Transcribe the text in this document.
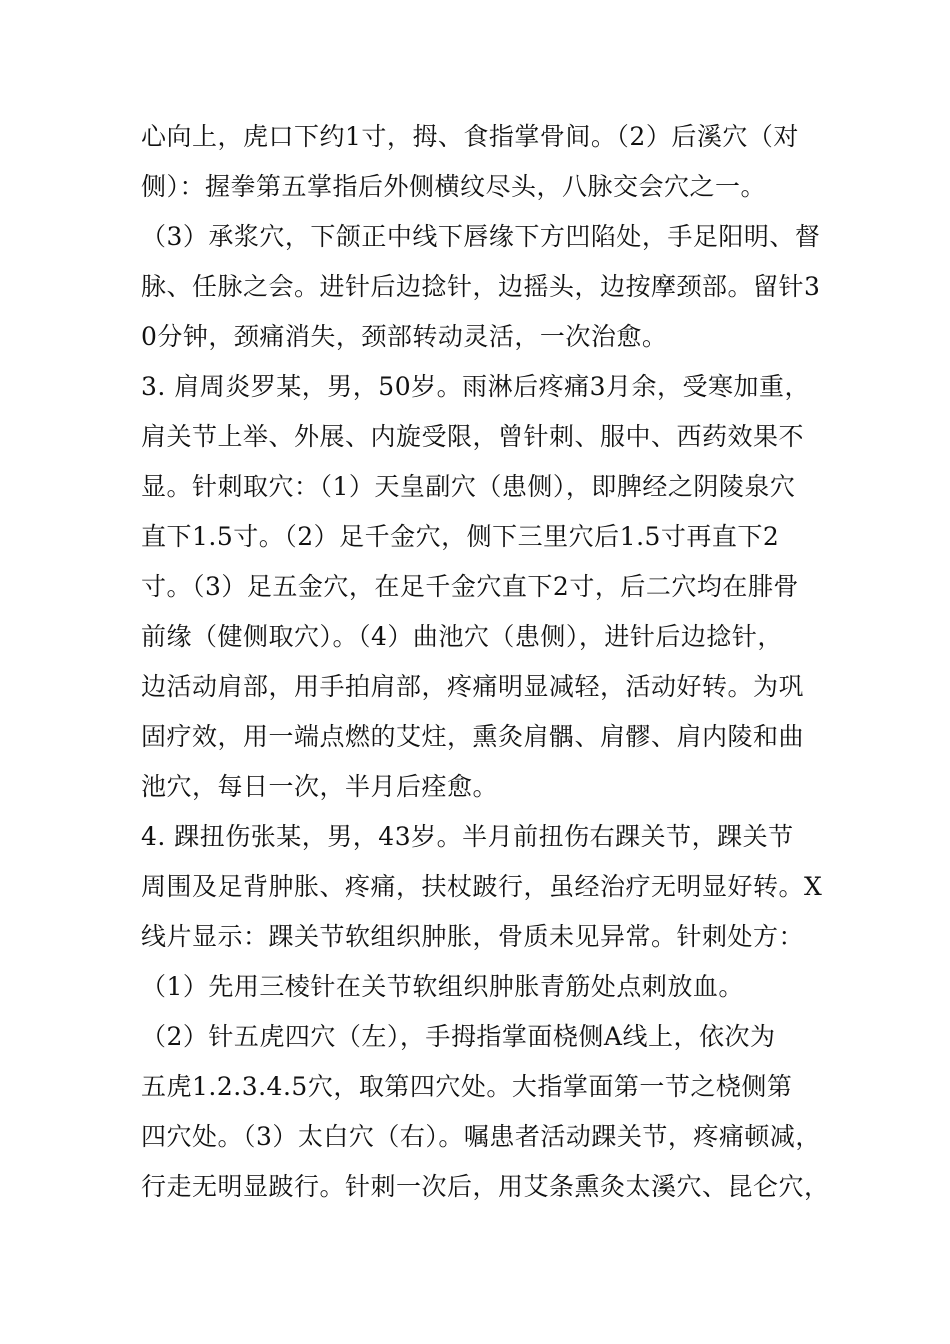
心向上，虎口下约1寸，拇、食指掌骨间。（2）后溪穴（对
侧）：握拳第五掌指后外侧横纹尽头，八脉交会穴之一。
（3）承浆穴，下颌正中线下唇缘下方凹陷处，手足阳明、督
脉、任脉之会。进针后边捻针，边摇头，边按摩颈部。留针3
0分钟，颈痛消失，颈部转动灵活，一次治愈。
3. 肩周炎罗某，男，50岁。雨淋后疼痛3月余，受寒加重，
肩关节上举、外展、内旋受限，曾针刺、服中、西药效果不
显。针刺取穴：（1）天皇副穴（患侧），即脾经之阴陵泉穴
直下1.5寸。（2）足千金穴，侧下三里穴后1.5寸再直下2
寸。（3）足五金穴，在足千金穴直下2寸，后二穴均在腓骨
前缘（健侧取穴）。（4）曲池穴（患侧），进针后边捻针，
边活动肩部，用手拍肩部，疼痛明显减轻，活动好转。为巩
固疗效，用一端点燃的艾炷，熏灸肩髃、肩髎、肩内陵和曲
池穴，每日一次，半月后痊愈。
4. 踝扭伤张某，男，43岁。半月前扭伤右踝关节，踝关节
周围及足背肿胀、疼痛，扶杖跛行，虽经治疗无明显好转。X
线片显示：踝关节软组织肿胀，骨质未见异常。针刺处方：
（1）先用三棱针在关节软组织肿胀青筋处点刺放血。
（2）针五虎四穴（左），手拇指掌面桡侧A线上，依次为
五虎1.2.3.4.5穴，取第四穴处。大指掌面第一节之桡侧第
四穴处。（3）太白穴（右）。嘱患者活动踝关节，疼痛顿减，
行走无明显跛行。针刺一次后，用艾条熏灸太溪穴、昆仑穴，
